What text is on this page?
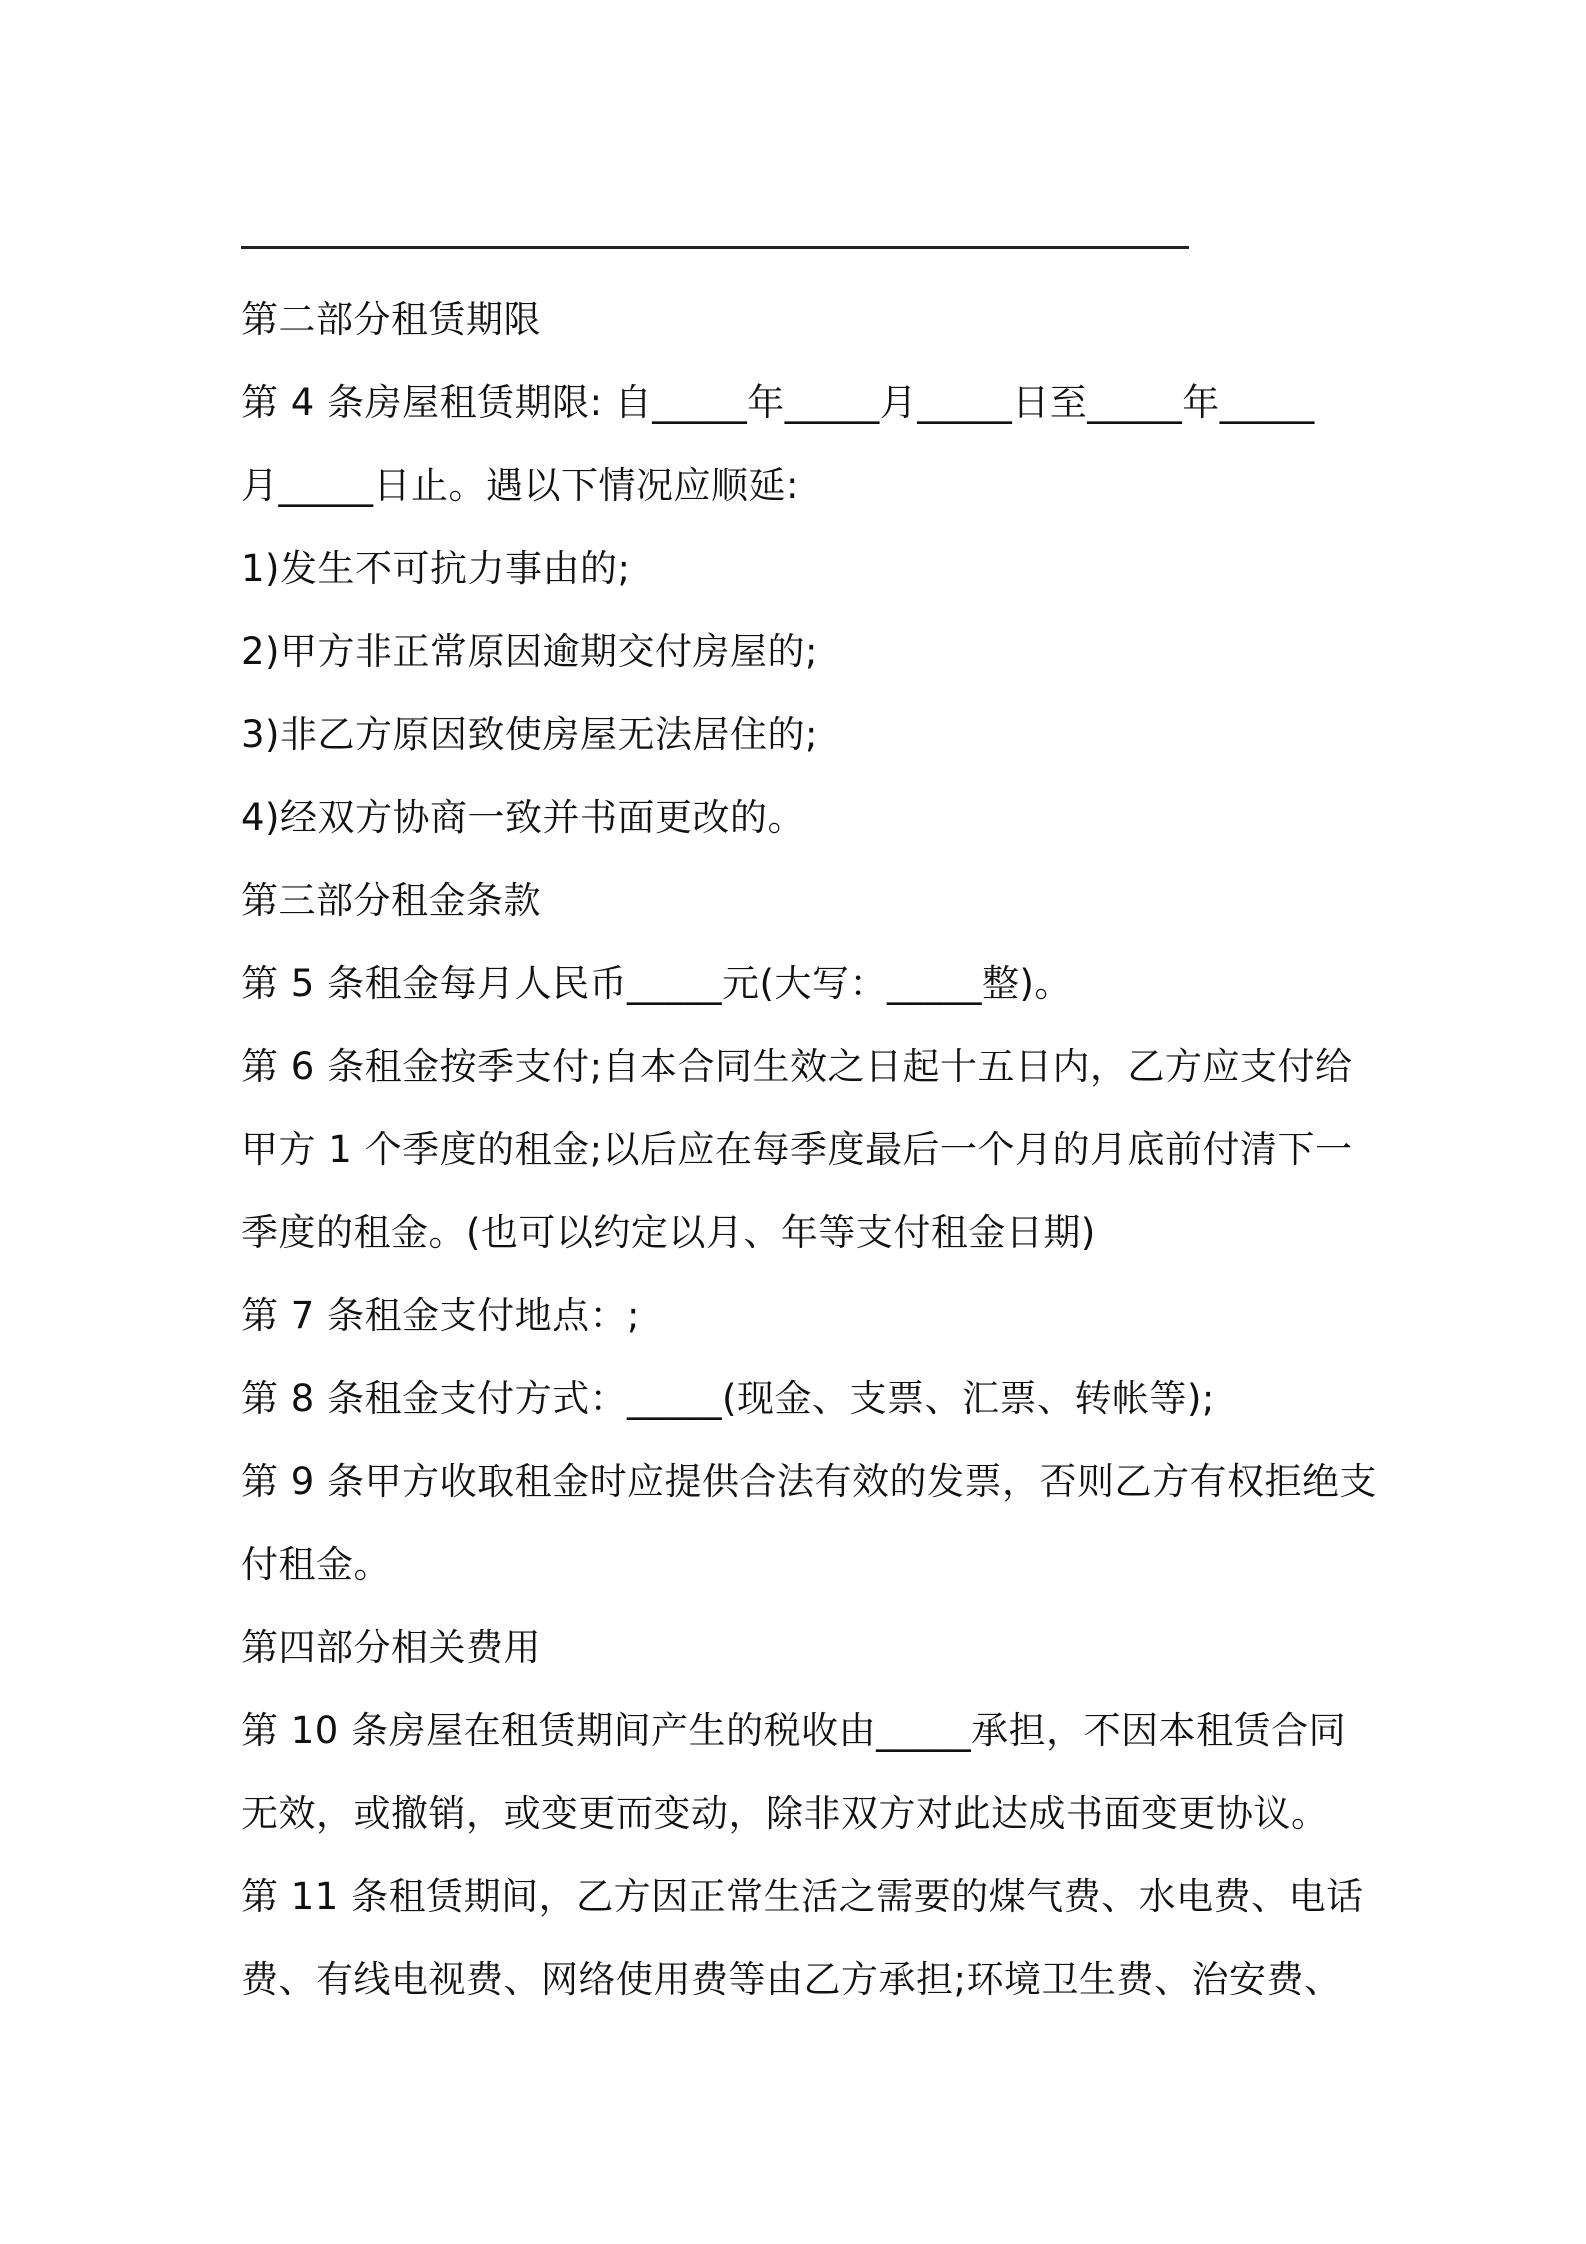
第二部分租赁期限
第 4 条房屋租赁期限: 自_____年_____月_____日至_____年_____
月_____日止。遇以下情况应顺延:
1)发生不可抗力事由的;
2)甲方非正常原因逾期交付房屋的;
3)非乙方原因致使房屋无法居住的;
4)经双方协商一致并书面更改的。
第三部分租金条款
第 5 条租金每月人民币_____元(大写：_____整)。
第 6 条租金按季支付;自本合同生效之日起十五日内，乙方应支付给
甲方 1 个季度的租金;以后应在每季度最后一个月的月底前付清下一
季度的租金。(也可以约定以月、年等支付租金日期)
第 7 条租金支付地点：;
第 8 条租金支付方式：_____(现金、支票、汇票、转帐等);
第 9 条甲方收取租金时应提供合法有效的发票，否则乙方有权拒绝支
付租金。
第四部分相关费用
第 10 条房屋在租赁期间产生的税收由_____承担，不因本租赁合同
无效，或撤销，或变更而变动，除非双方对此达成书面变更协议。
第 11 条租赁期间，乙方因正常生活之需要的煤气费、水电费、电话
费、有线电视费、网络使用费等由乙方承担;环境卫生费、治安费、
